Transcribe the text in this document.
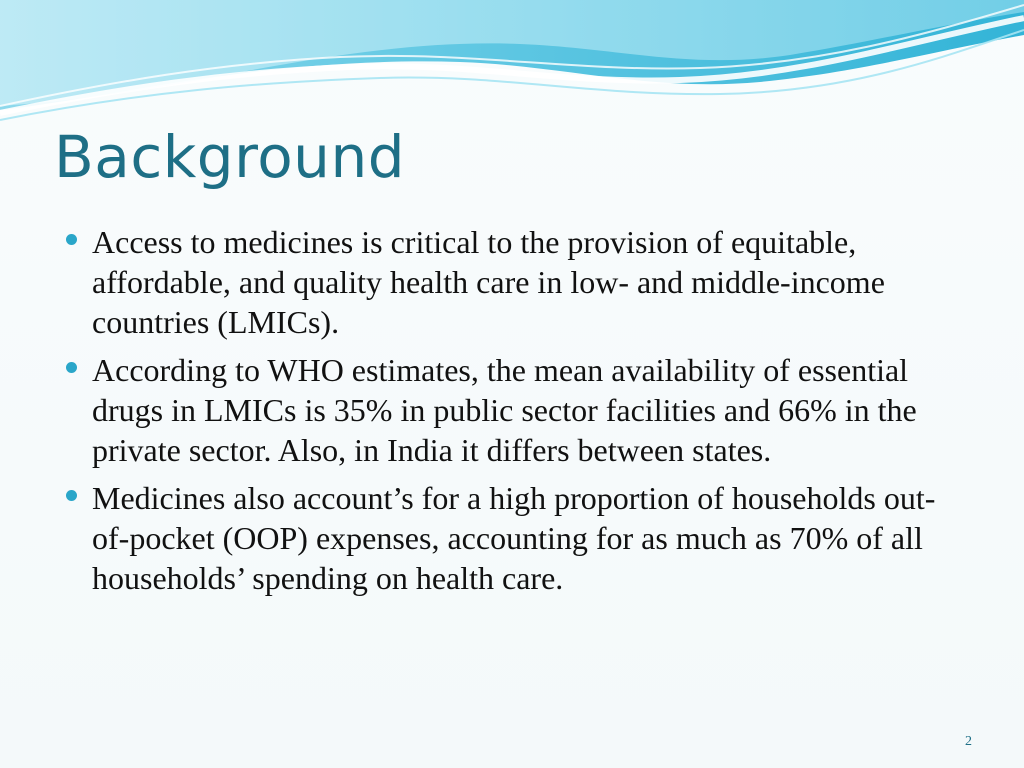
Background
Access to medicines is critical to the provision of equitable, affordable, and quality health care in low- and middle-income countries (LMICs).
According to WHO estimates, the mean availability of essential drugs in LMICs is 35% in public sector facilities and 66% in the private sector. Also, in India it differs between states.
Medicines also account’s for a high proportion of households out-of-pocket (OOP) expenses, accounting for as much as 70% of all households’ spending on health care.
2
